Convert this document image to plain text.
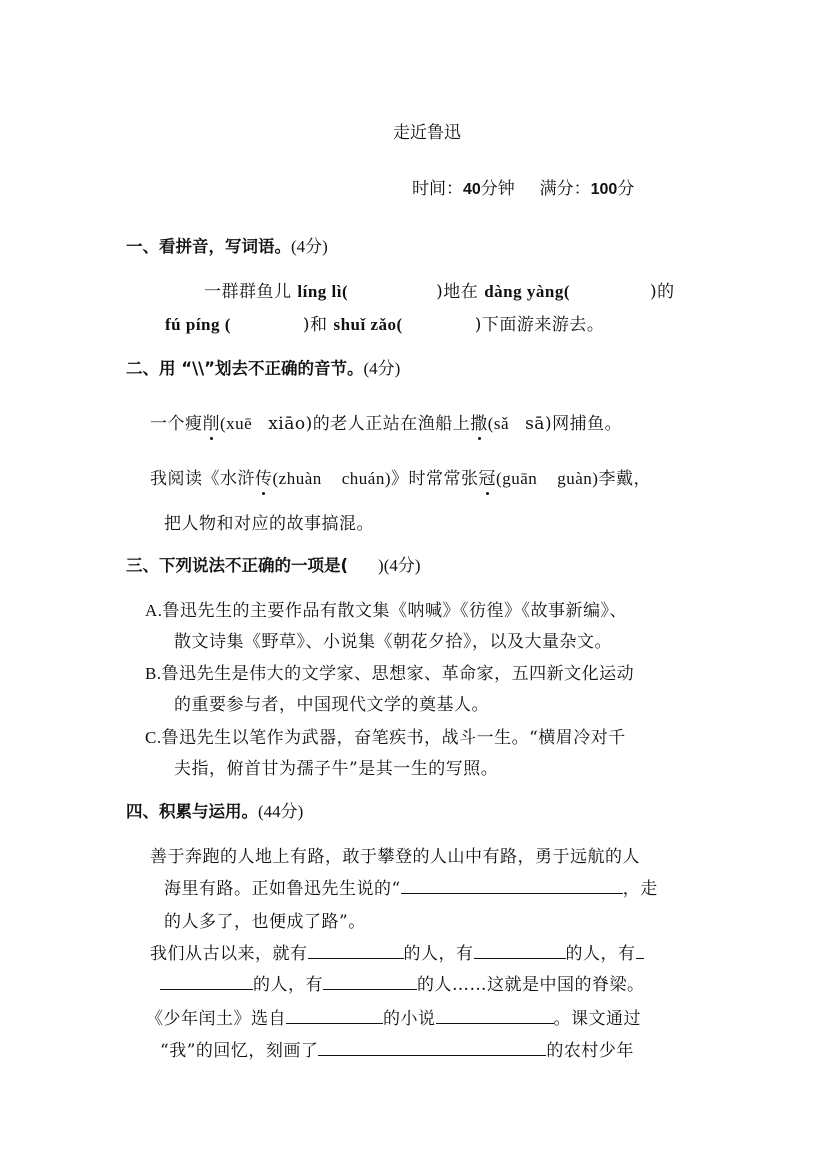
走近鲁迅
时间：40分钟 满分：100分
一、看拼音，写词语。(4分)
一群群鱼儿 líng lì(	)地在 dàng yàng(	)的
fú píng (	)和 shuǐ zǎo(	)下面游来游去。
二、用 “\\”划去不正确的音节。(4分)
一个瘦削(xuē xiāo)的老人正站在渔船上撒(sǎ sā)网捕鱼。
我阅读《水浒传(zhuàn chuán)》时常常张冠(guān guàn)李戴，
把人物和对应的故事搞混。
三、下列说法不正确的一项是( )(4分)
A.鲁迅先生的主要作品有散文集《呐喊》《彷徨》《故事新编》、
散文诗集《野草》、小说集《朝花夕拾》，以及大量杂文。
B.鲁迅先生是伟大的文学家、思想家、革命家，五四新文化运动
的重要参与者，中国现代文学的奠基人。
C.鲁迅先生以笔作为武器，奋笔疾书，战斗一生。“横眉冷对千
夫指，俯首甘为孺子牛”是其一生的写照。
四、积累与运用。(44分)
善于奔跑的人地上有路，敢于攀登的人山中有路，勇于远航的人
海里有路。正如鲁迅先生说的“	，走
的人多了，也便成了路”。
我们从古以来，就有	的人，有	的人，有
的人，有	的人……这就是中国的脊梁。
《少年闰土》选自	的小说	。课文通过
“我”的回忆，刻画了	的农村少年
